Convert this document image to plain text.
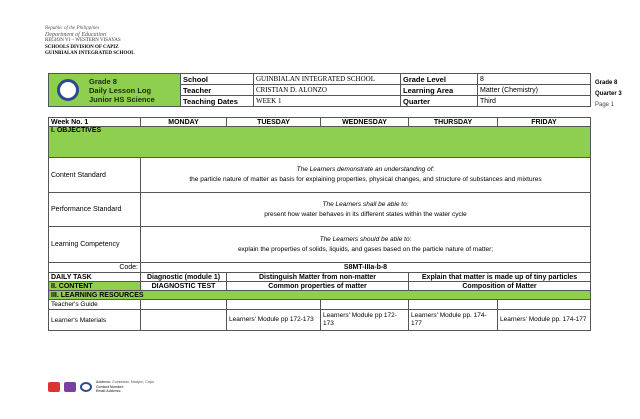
Republic of the Philippines
Department of Education
REGION VI – WESTERN VISAYAS
SCHOOLS DIVISION OF CAPIZ
GUINBIALAN INTEGRATED SCHOOL
Grade 8
Daily Lesson Log
Junior HS Science	School	GUINBIALAN INTEGRATED SCHOOL	Grade Level	8
	Teacher	CRISTIAN D. ALONZO	Learning Area	Matter (Chemistry)
	Teaching Dates	WEEK 1	Quarter	Third
Grade 8
Quarter 3
Page 1
Week No. 1	MONDAY	TUESDAY	WEDNESDAY	THURSDAY	FRIDAY
I. OBJECTIVES					
Content Standard	The Learners demonstrate an understanding of:
the particle nature of matter as basis for explaining properties, physical changes, and structure of substances and mixtures				

Performance Standard	The Learners shall be able to:
present how water behaves in its different states within the water cycle				

Learning Competency	The Learners should be able to:
explain the properties of solids, liquids, and gases based on the particle nature of matter;				

Code:	S8MT-IIIa-b-8				
DAILY TASK	Diagnostic (module 1)	Distinguish Matter from non-matter		Explain that matter is made up of tiny particles	
II. CONTENT	DIAGNOSTIC TEST	Common properties of matter		Composition of Matter	
III. LEARNING RESOURCES					
Teacher's Guide					
Learner's Materials		Learners' Module pp 172-173	Learners' Module pp 172-173	Learners' Module pp. 174-177	Learners' Module pp. 174-177
Address: Guinbialan, Maayon, Capiz
Contact Number:
Email Address:
